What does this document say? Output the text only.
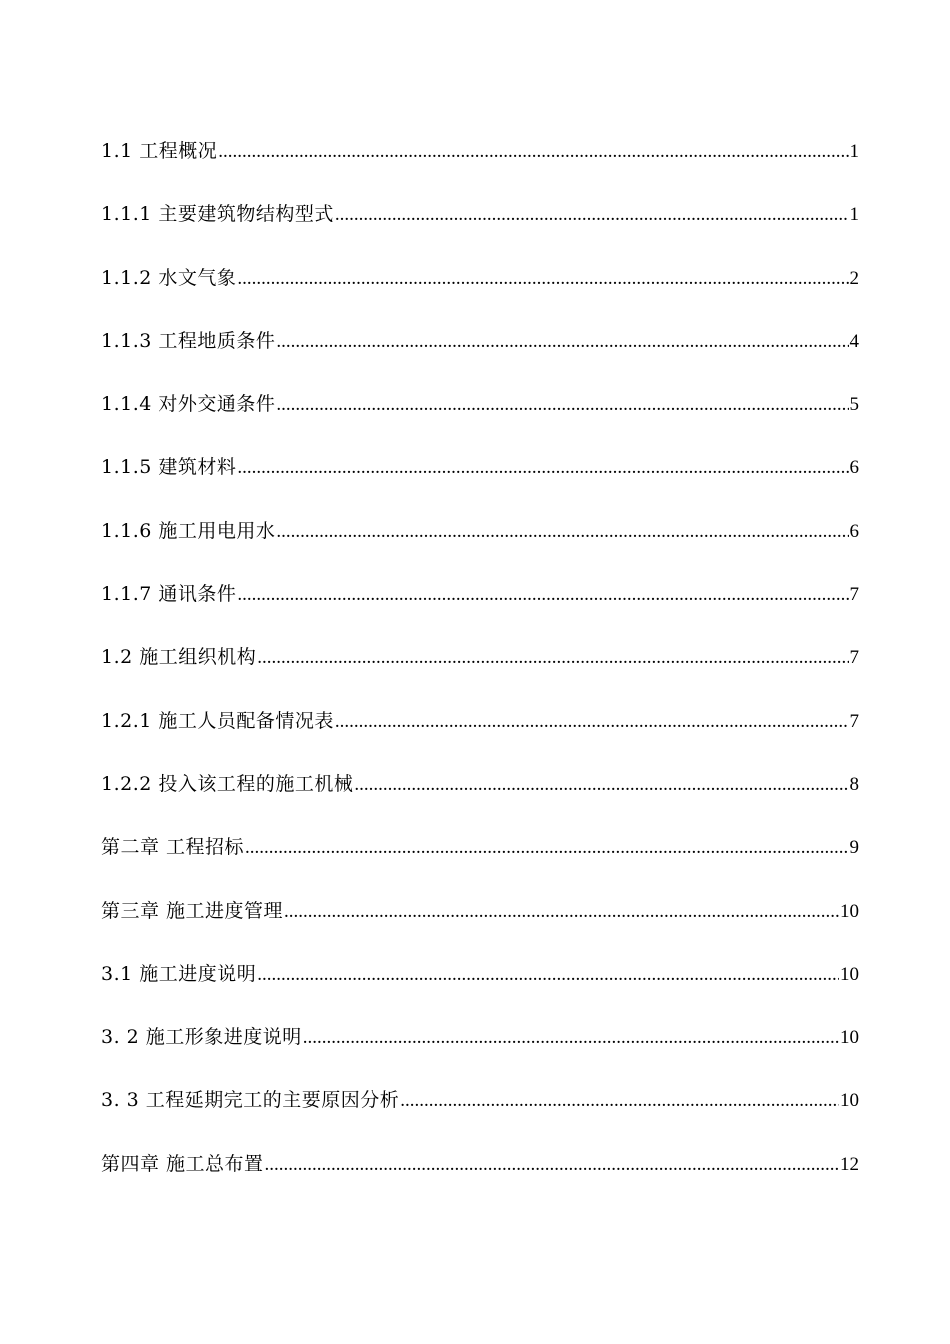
1.1 工程概况 .....	1
1.1.1 主要建筑物结构型式 .....	1
1.1.2 水文气象 .....	2
1.1.3 工程地质条件 .....	4
1.1.4 对外交通条件 .....	5
1.1.5 建筑材料 .....	6
1.1.6 施工用电用水 .....	6
1.1.7 通讯条件 .....	7
1.2 施工组织机构 .....	7
1.2.1 施工人员配备情况表 .....	7
1.2.2 投入该工程的施工机械 .....	8
第二章 工程招标 .....	9
第三章 施工进度管理 .....	10
3.1 施工进度说明 .....	10
3. 2 施工形象进度说明 .....	10
3. 3 工程延期完工的主要原因分析 .....	10
第四章 施工总布置 .....	12
